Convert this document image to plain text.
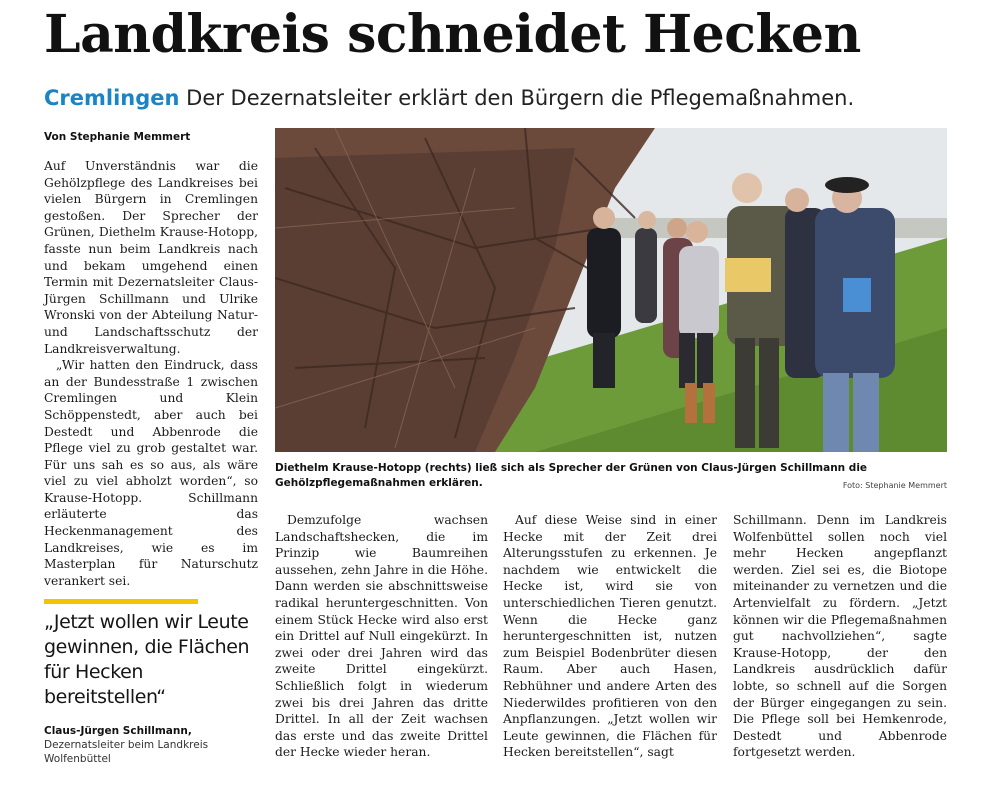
Landkreis schneidet Hecken
Cremlingen Der Dezernatsleiter erklärt den Bürgern die Pflegemaßnahmen.
Von Stephanie Memmert

Auf Unverständnis war die Gehölzpflege des Landkreises bei vielen Bürgern in Cremlingen gestoßen. Der Sprecher der Grünen, Diethelm Krause-Hotopp, fasste nun beim Landkreis nach und bekam umgehend einen Termin mit Dezernatsleiter Claus-Jürgen Schillmann und Ulrike Wronski von der Abteilung Natur- und Landschaftsschutz der Landkreisverwaltung.

„Wir hatten den Eindruck, dass an der Bundesstraße 1 zwischen Cremlingen und Klein Schöppenstedt, aber auch bei Destedt und Abbenrode die Pflege viel zu grob gestaltet war. Für uns sah es so aus, als wäre viel zu viel abholzt worden“, so Krause-Hotopp. Schillmann erläuterte das Heckenmanagement des Landkreises, wie es im Masterplan für Naturschutz verankert sei.

„Jetzt wollen wir Leute gewinnen, die Flächen für Hecken bereitstellen“
Claus-Jürgen Schillmann, Dezernatsleiter beim Landkreis Wolfenbüttel
Diethelm Krause-Hotopp (rechts) ließ sich als Sprecher der Grünen von Claus-Jürgen Schillmann die Gehölzpflegemaßnahmen erklären.	Foto: Stephanie Memmert

Demzufolge wachsen Landschaftshecken, die im Prinzip wie Baumreihen aussehen, zehn Jahre in die Höhe. Dann werden sie abschnittsweise radikal heruntergeschnitten. Von einem Stück Hecke wird also erst ein Drittel auf Null eingekürzt. In zwei oder drei Jahren wird das zweite Drittel eingekürzt. Schließlich folgt in wiederum zwei bis drei Jahren das dritte Drittel. In all der Zeit wachsen das erste und das zweite Drittel der Hecke wieder heran.

Auf diese Weise sind in einer Hecke mit der Zeit drei Alterungsstufen zu erkennen. Je nachdem wie entwickelt die Hecke ist, wird sie von unterschiedlichen Tieren genutzt. Wenn die Hecke ganz heruntergeschnitten ist, nutzen zum Beispiel Bodenbrüter diesen Raum. Aber auch Hasen, Rebhühner und andere Arten des Niederwildes profitieren von den Anpflanzungen. „Jetzt wollen wir Leute gewinnen, die Flächen für Hecken bereitstellen“, sagt

Schillmann. Denn im Landkreis Wolfenbüttel sollen noch viel mehr Hecken angepflanzt werden. Ziel sei es, die Biotope miteinander zu vernetzen und die Artenvielfalt zu fördern. „Jetzt können wir die Pflegemaßnahmen gut nachvollziehen“, sagte Krause-Hotopp, der den Landkreis ausdrücklich dafür lobte, so schnell auf die Sorgen der Bürger eingegangen zu sein. Die Pflege soll bei Hemkenrode, Destedt und Abbenrode fortgesetzt werden.
